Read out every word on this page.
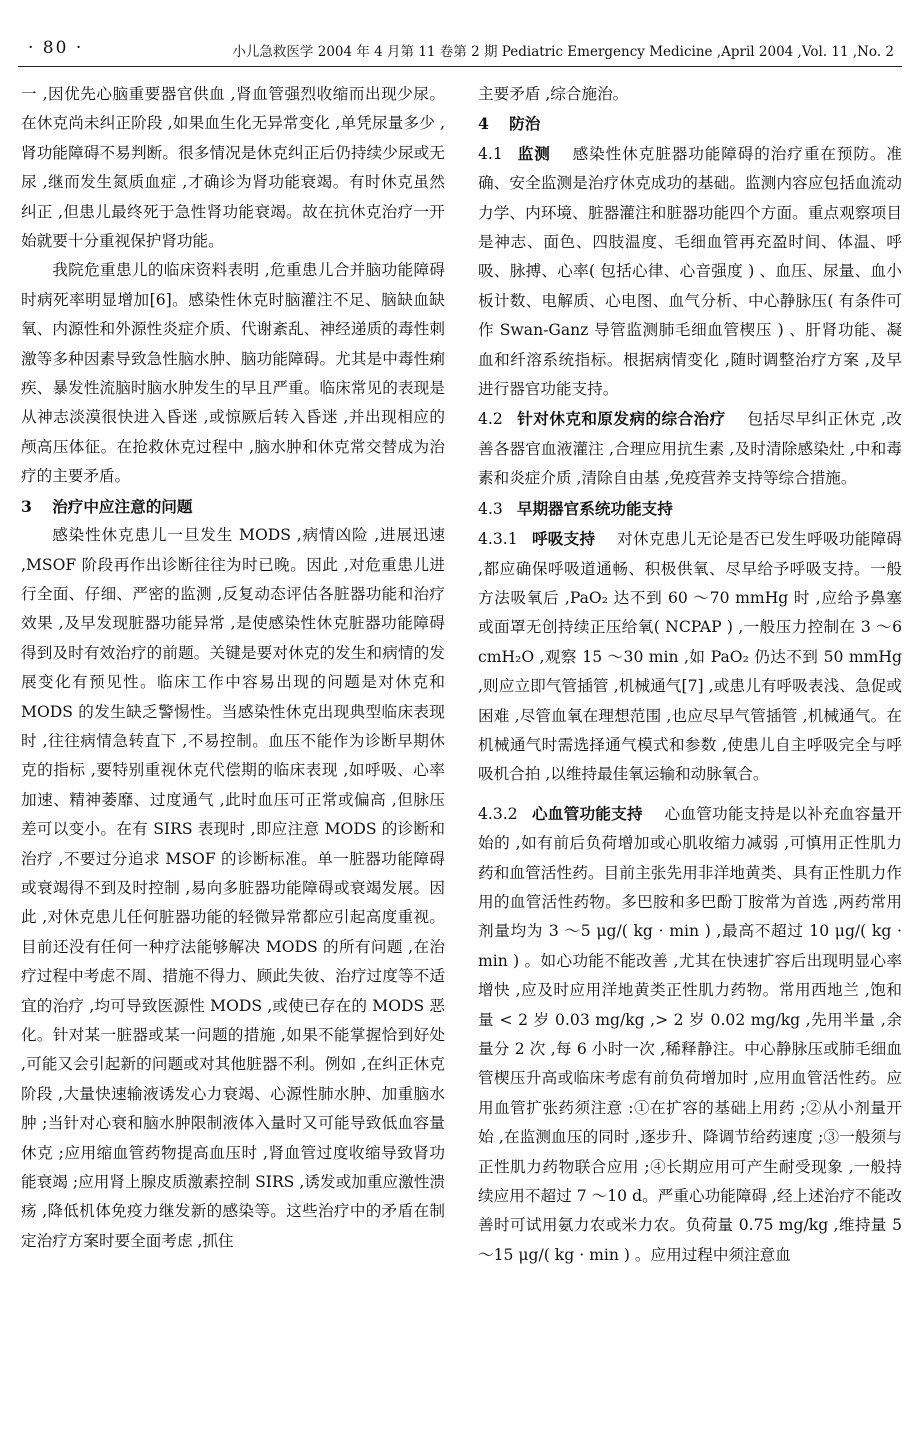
· 80 ·	小儿急救医学 2004 年 4 月第 11 卷第 2 期 Pediatric Emergency Medicine ,April 2004 ,Vol. 11 ,No. 2

一 ,因优先心脑重要器官供血 ,肾血管强烈收缩而出现少尿。在休克尚未纠正阶段 ,如果血生化无异常变化 ,单凭尿量多少 ,肾功能障碍不易判断。很多情况是休克纠正后仍持续少尿或无尿 ,继而发生氮质血症 ,才确诊为肾功能衰竭。有时休克虽然纠正 ,但患儿最终死于急性肾功能衰竭。故在抗休克治疗一开始就要十分重视保护肾功能。

我院危重患儿的临床资料表明 ,危重患儿合并脑功能障碍时病死率明显增加[6]。感染性休克时脑灌注不足、脑缺血缺氧、内源性和外源性炎症介质、代谢紊乱、神经递质的毒性刺激等多种因素导致急性脑水肿、脑功能障碍。尤其是中毒性痢疾、暴发性流脑时脑水肿发生的早且严重。临床常见的表现是从神志淡漠很快进入昏迷 ,或惊厥后转入昏迷 ,并出现相应的颅高压体征。在抢救休克过程中 ,脑水肿和休克常交替成为治疗的主要矛盾。

3 治疗中应注意的问题

感染性休克患儿一旦发生 MODS ,病情凶险 ,进展迅速 ,MSOF 阶段再作出诊断往往为时已晚。因此 ,对危重患儿进行全面、仔细、严密的监测 ,反复动态评估各脏器功能和治疗效果 ,及早发现脏器功能异常 ,是使感染性休克脏器功能障碍得到及时有效治疗的前题。关键是要对休克的发生和病情的发展变化有预见性。临床工作中容易出现的问题是对休克和 MODS 的发生缺乏警惕性。当感染性休克出现典型临床表现时 ,往往病情急转直下 ,不易控制。血压不能作为诊断早期休克的指标 ,要特别重视休克代偿期的临床表现 ,如呼吸、心率加速、精神萎靡、过度通气 ,此时血压可正常或偏高 ,但脉压差可以变小。在有 SIRS 表现时 ,即应注意 MODS 的诊断和治疗 ,不要过分追求 MSOF 的诊断标准。单一脏器功能障碍或衰竭得不到及时控制 ,易向多脏器功能障碍或衰竭发展。因此 ,对休克患儿任何脏器功能的轻微异常都应引起高度重视。目前还没有任何一种疗法能够解决 MODS 的所有问题 ,在治疗过程中考虑不周、措施不得力、顾此失彼、治疗过度等不适宜的治疗 ,均可导致医源性 MODS ,或使已存在的 MODS 恶化。针对某一脏器或某一问题的措施 ,如果不能掌握恰到好处 ,可能又会引起新的问题或对其他脏器不利。例如 ,在纠正休克阶段 ,大量快速输液诱发心力衰竭、心源性肺水肿、加重脑水肿 ;当针对心衰和脑水肿限制液体入量时又可能导致低血容量休克 ;应用缩血管药物提高血压时 ,肾血管过度收缩导致肾功能衰竭 ;应用肾上腺皮质激素控制 SIRS ,诱发或加重应激性溃疡 ,降低机体免疫力继发新的感染等。这些治疗中的矛盾在制定治疗方案时要全面考虑 ,抓住

主要矛盾 ,综合施治。

4 防治

4.1 监测 感染性休克脏器功能障碍的治疗重在预防。准确、安全监测是治疗休克成功的基础。监测内容应包括血流动力学、内环境、脏器灌注和脏器功能四个方面。重点观察项目是神志、面色、四肢温度、毛细血管再充盈时间、体温、呼吸、脉搏、心率( 包括心律、心音强度 ) 、血压、尿量、血小板计数、电解质、心电图、血气分析、中心静脉压( 有条件可作 Swan-Ganz 导管监测肺毛细血管楔压 ) 、肝肾功能、凝血和纤溶系统指标。根据病情变化 ,随时调整治疗方案 ,及早进行器官功能支持。

4.2 针对休克和原发病的综合治疗 包括尽早纠正休克 ,改善各器官血液灌注 ,合理应用抗生素 ,及时清除感染灶 ,中和毒素和炎症介质 ,清除自由基 ,免疫营养支持等综合措施。

4.3 早期器官系统功能支持

4.3.1 呼吸支持 对休克患儿无论是否已发生呼吸功能障碍 ,都应确保呼吸道通畅、积极供氧、尽早给予呼吸支持。一般方法吸氧后 ,PaO₂ 达不到 60 ～70 mmHg 时 ,应给予鼻塞或面罩无创持续正压给氧( NCPAP ) ,一般压力控制在 3 ～6 cmH₂O ,观察 15 ～30 min ,如 PaO₂ 仍达不到 50 mmHg ,则应立即气管插管 ,机械通气[7] ,或患儿有呼吸表浅、急促或困难 ,尽管血氧在理想范围 ,也应尽早气管插管 ,机械通气。在机械通气时需选择通气模式和参数 ,使患儿自主呼吸完全与呼吸机合拍 ,以维持最佳氧运输和动脉氧合。

4.3.2 心血管功能支持 心血管功能支持是以补充血容量开始的 ,如有前后负荷增加或心肌收缩力减弱 ,可慎用正性肌力药和血管活性药。目前主张先用非洋地黄类、具有正性肌力作用的血管活性药物。多巴胺和多巴酚丁胺常为首选 ,两药常用剂量均为 3 ～5 μg/( kg · min ) ,最高不超过 10 μg/( kg · min ) 。如心功能不能改善 ,尤其在快速扩容后出现明显心率增快 ,应及时应用洋地黄类正性肌力药物。常用西地兰 ,饱和量 < 2 岁 0.03 mg/kg ,> 2 岁 0.02 mg/kg ,先用半量 ,余量分 2 次 ,每 6 小时一次 ,稀释静注。中心静脉压或肺毛细血管楔压升高或临床考虑有前负荷增加时 ,应用血管活性药。应用血管扩张药须注意 :①在扩容的基础上用药 ;②从小剂量开始 ,在监测血压的同时 ,逐步升、降调节给药速度 ;③一般须与正性肌力药物联合应用 ;④长期应用可产生耐受现象 ,一般持续应用不超过 7 ～10 d。严重心功能障碍 ,经上述治疗不能改善时可试用氨力农或米力农。负荷量 0.75 mg/kg ,维持量 5 ～15 μg/( kg · min ) 。应用过程中须注意血
